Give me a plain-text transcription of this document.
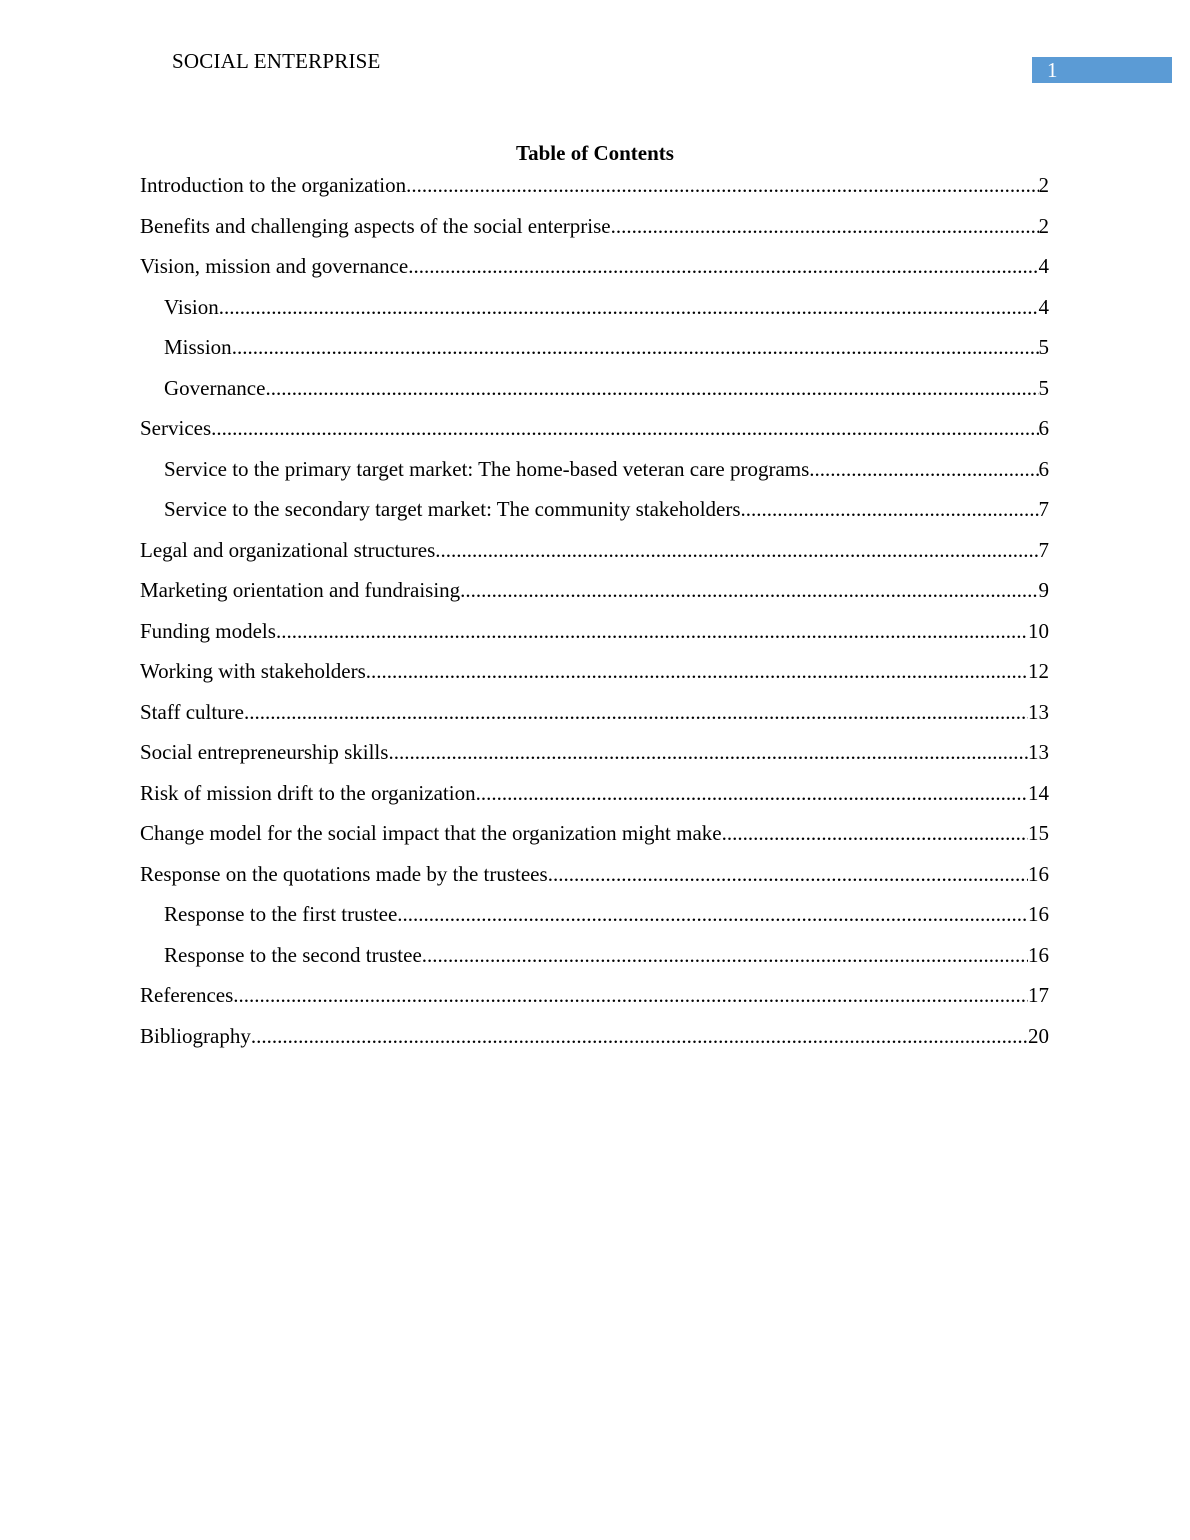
SOCIAL ENTERPRISE	1
Table of Contents
Introduction to the organization .....	2
Benefits and challenging aspects of the social enterprise .....	2
Vision, mission and governance .....	4
Vision .....	4
Mission .....	5
Governance .....	5
Services .....	6
Service to the primary target market: The home-based veteran care programs .....	6
Service to the secondary target market: The community stakeholders .....	7
Legal and organizational structures .....	7
Marketing orientation and fundraising .....	9
Funding models .....	10
Working with stakeholders .....	12
Staff culture .....	13
Social entrepreneurship skills .....	13
Risk of mission drift to the organization .....	14
Change model for the social impact that the organization might make .....	15
Response on the quotations made by the trustees .....	16
Response to the first trustee .....	16
Response to the second trustee .....	16
References .....	17
Bibliography .....	20
